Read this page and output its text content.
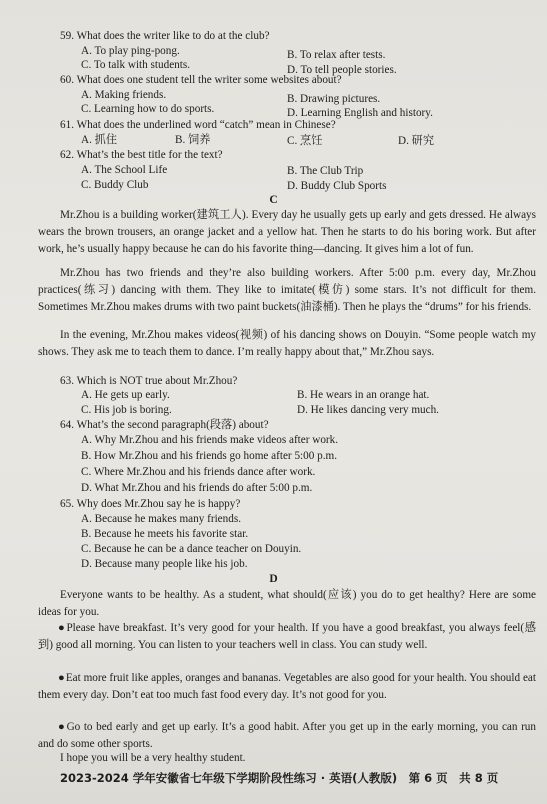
59. What does the writer like to do at the club?
A. To play ping-pong.	B. To relax after tests.
C. To talk with students.	D. To tell people stories.
60. What does one student tell the writer some websites about?
A. Making friends.	B. Drawing pictures.
C. Learning how to do sports.	D. Learning English and history.
61. What does the underlined word “catch” mean in Chinese?
A. 抓住	B. 饲养	C. 烹饪	D. 研究
62. What’s the best title for the text?
A. The School Life	B. The Club Trip
C. Buddy Club	D. Buddy Club Sports
C
Mr.Zhou is a building worker(建筑工人). Every day he usually gets up early and gets dressed. He always wears the brown trousers, an orange jacket and a yellow hat. Then he starts to do his boring work. But after work, he’s usually happy because he can do his favorite thing—dancing. It gives him a lot of fun.
Mr.Zhou has two friends and they’re also building workers. After 5:00 p.m. every day, Mr.Zhou practices(练习) dancing with them. They like to imitate(模仿) some stars. It’s not difficult for them. Sometimes Mr.Zhou makes drums with two paint buckets(油漆桶). Then he plays the “drums” for his friends.
In the evening, Mr.Zhou makes videos(视频) of his dancing shows on Douyin. “Some people watch my shows. They ask me to teach them to dance. I’m really happy about that,” Mr.Zhou says.
63. Which is NOT true about Mr.Zhou?
A. He gets up early.	B. He wears in an orange hat.
C. His job is boring.	D. He likes dancing very much.
64. What’s the second paragraph(段落) about?
A. Why Mr.Zhou and his friends make videos after work.
B. How Mr.Zhou and his friends go home after 5:00 p.m.
C. Where Mr.Zhou and his friends dance after work.
D. What Mr.Zhou and his friends do after 5:00 p.m.
65. Why does Mr.Zhou say he is happy?
A. Because he makes many friends.
B. Because he meets his favorite star.
C. Because he can be a dance teacher on Douyin.
D. Because many people like his job.
D
Everyone wants to be healthy. As a student, what should(应该) you do to get healthy? Here are some ideas for you.
● Please have breakfast. It’s very good for your health. If you have a good breakfast, you always feel(感到) good all morning. You can listen to your teachers well in class. You can study well.
● Eat more fruit like apples, oranges and bananas. Vegetables are also good for your health. You should eat them every day. Don’t eat too much fast food every day. It’s not good for you.
● Go to bed early and get up early. It’s a good habit. After you get up in the early morning, you can run and do some other sports.
I hope you will be a very healthy student.
2023-2024 学年安徽省七年级下学期阶段性练习 · 英语(人教版)　第 6 页　共 8 页
